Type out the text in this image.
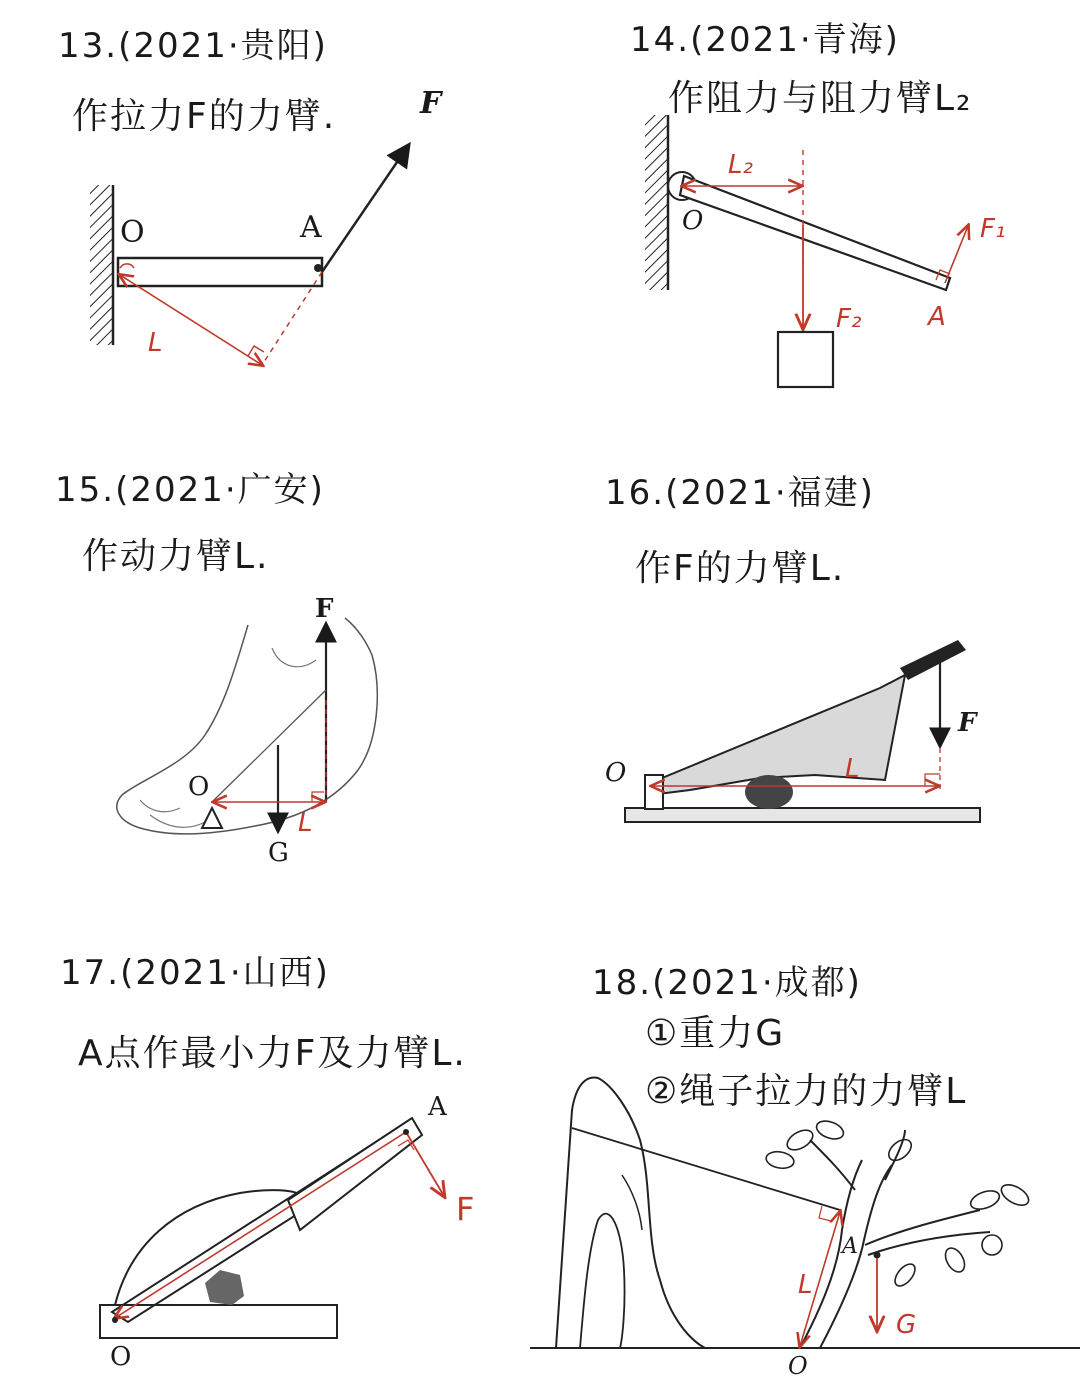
13.(2021·贵阳)
作拉力F的力臂.
14.(2021·青海)
作阻力与阻力臂L₂
15.(2021·广安)
作动力臂L.
16.(2021·福建)
作F的力臂L.
17.(2021·山西)
A点作最小力F及力臂L.
18.(2021·成都)
①重力G
②绳子拉力的力臂L
F
O	A
L
O
A
F₁
F₂
L₂
F
O
G
L
F
O	L
A
O
F
A
O
G
L
